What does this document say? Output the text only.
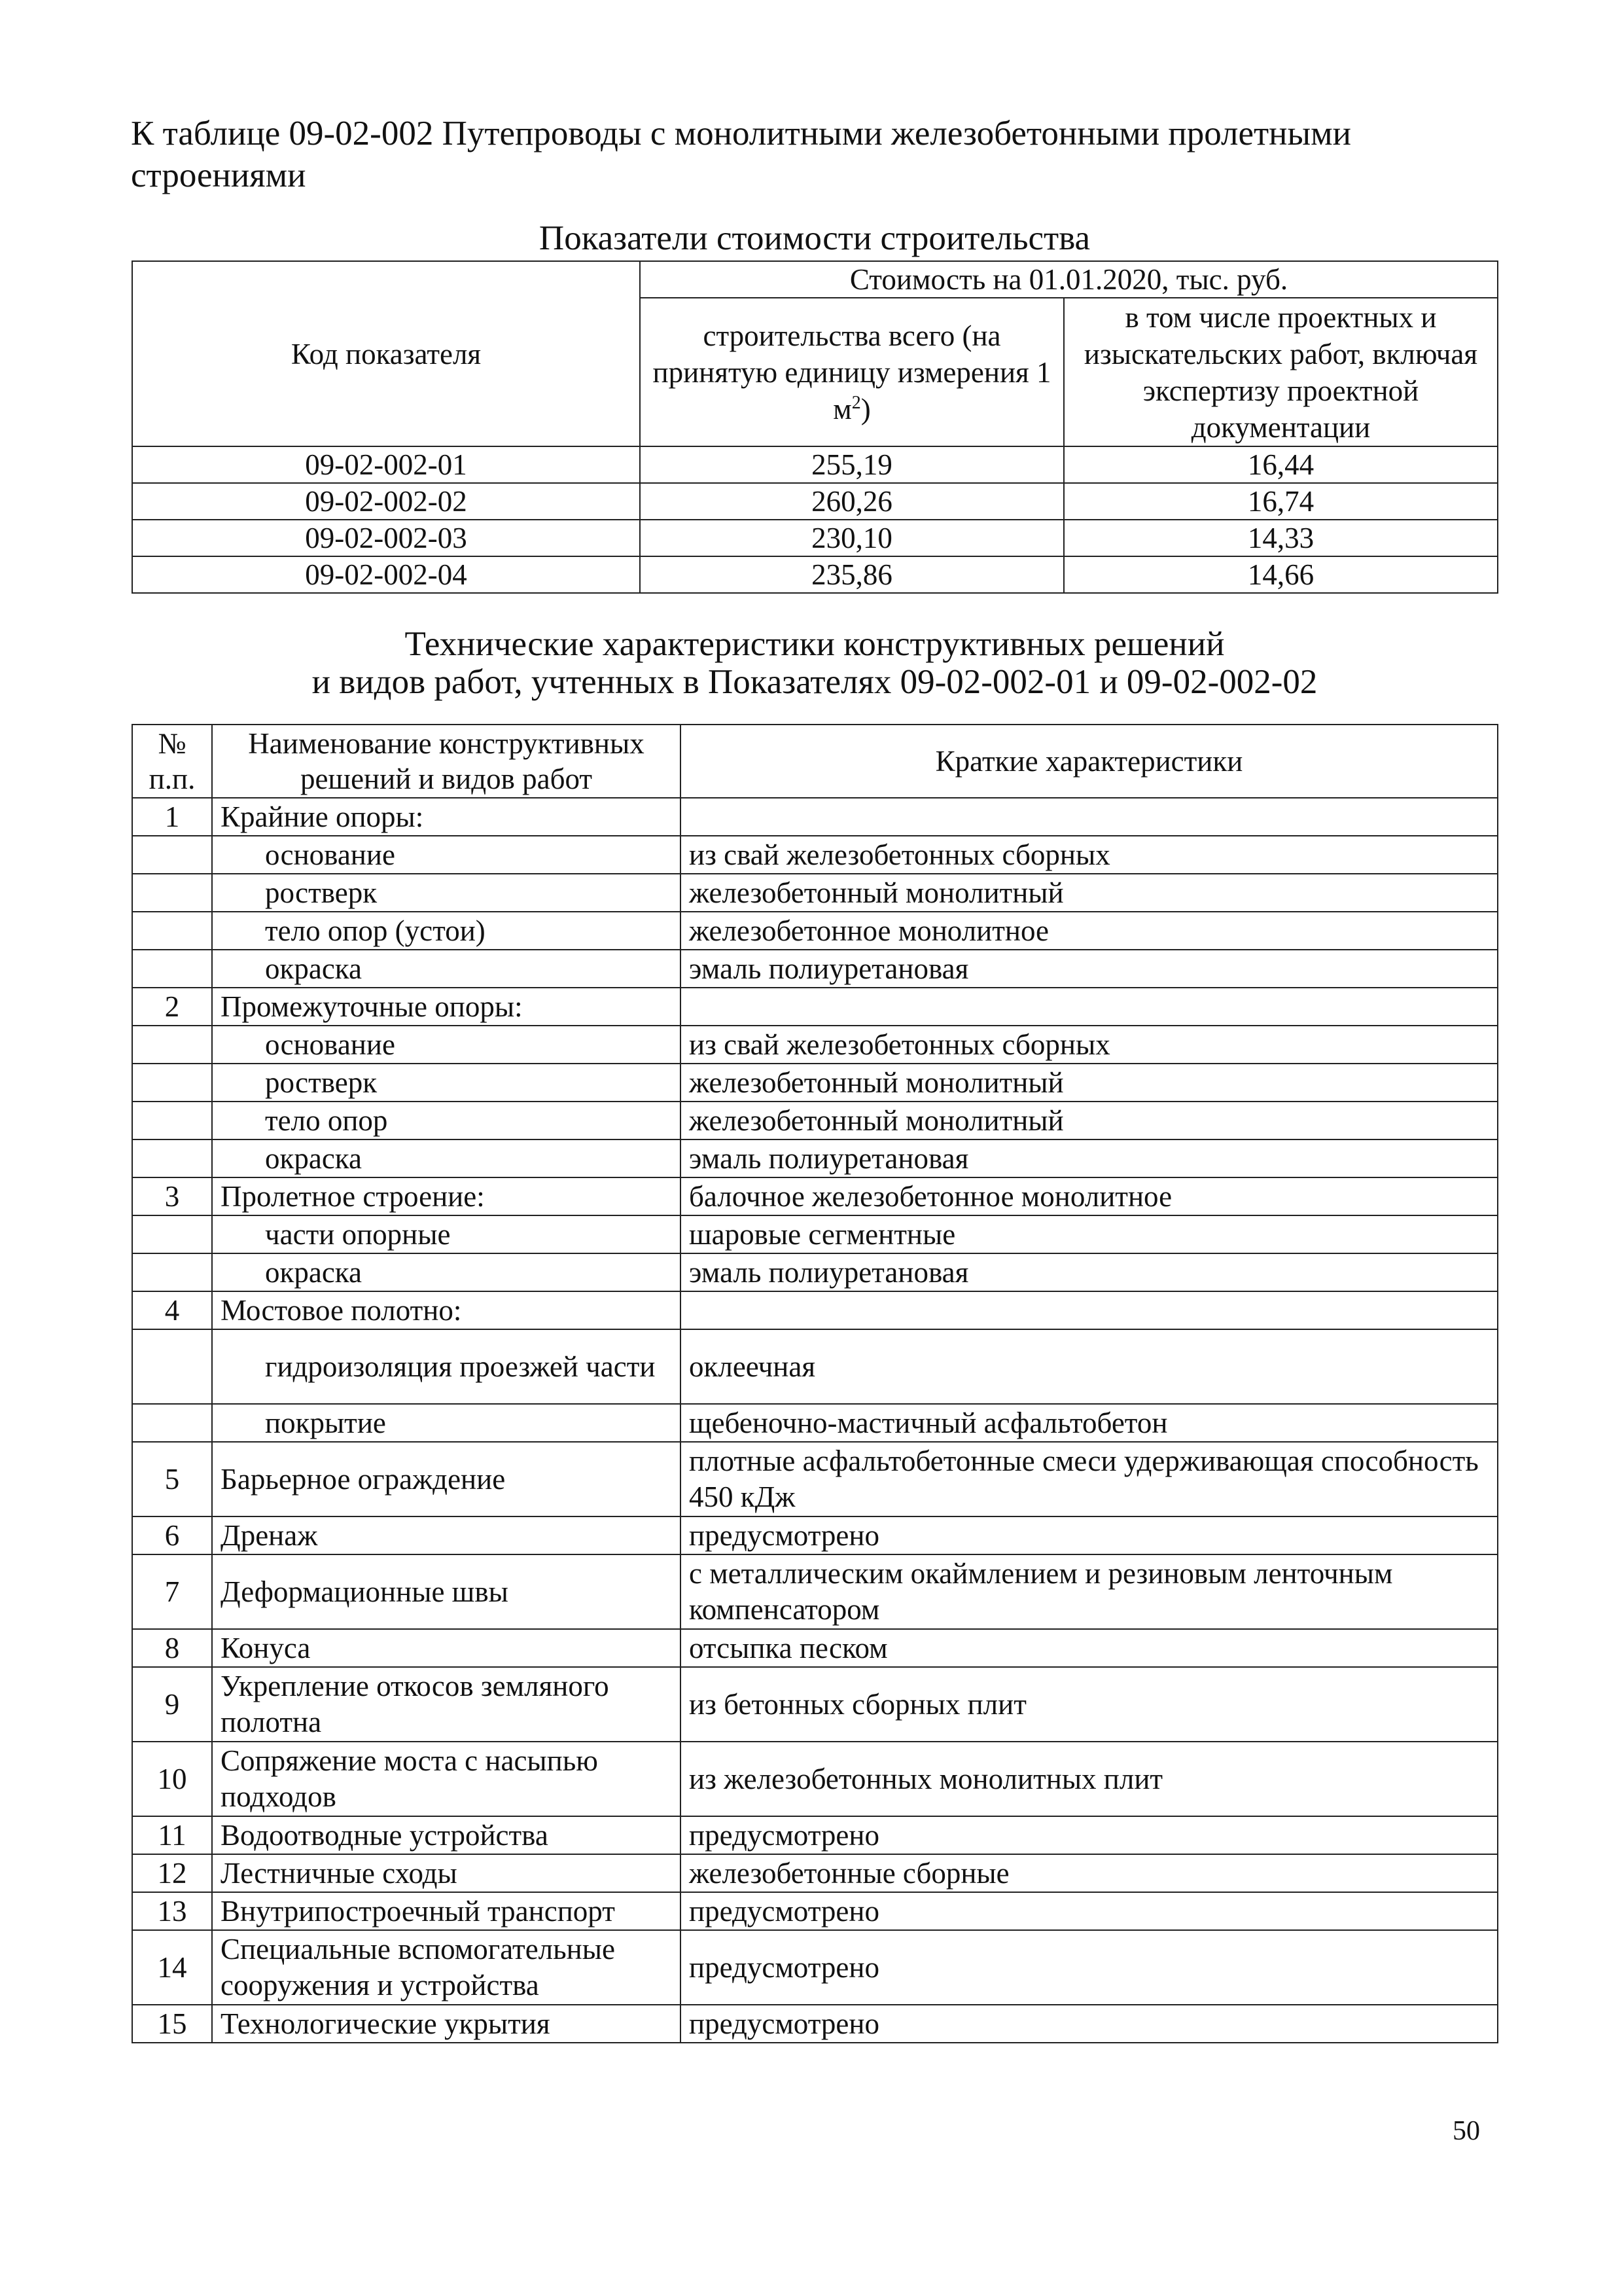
К таблице 09-02-002 Путепроводы с монолитными железобетонными пролетными строениями
Показатели стоимости строительства
Код показателя	Стоимость на 01.01.2020, тыс. руб.	
	строительства всего (на принятую единицу измерения 1 $м^2$)	в том числе проектных и изыскательских работ, включая экспертизу проектной документации
09-02-002-01	255,19	16,44
09-02-002-02	260,26	16,74
09-02-002-03	230,10	14,33
09-02-002-04	235,86	14,66
Технические характеристики конструктивных решений
и видов работ, учтенных в Показателях 09-02-002-01 и 09-02-002-02
№ п.п.	Наименование конструктивных решений и видов работ	Краткие характеристики
1	Крайние опоры:	
	основание	из свай железобетонных сборных
	ростверк	железобетонный монолитный
	тело опор (устои)	железобетонное монолитное
	окраска	эмаль полиуретановая
2	Промежуточные опоры:	
	основание	из свай железобетонных сборных
	ростверк	железобетонный монолитный
	тело опор	железобетонный монолитный
	окраска	эмаль полиуретановая
3	Пролетное строение:	балочное железобетонное монолитное
	части опорные	шаровые сегментные
	окраска	эмаль полиуретановая
4	Мостовое полотно:	
	гидроизоляция проезжей части	оклеечная
	покрытие	щебеночно-мастичный асфальтобетон
5	Барьерное ограждение	плотные асфальтобетонные смеси удерживающая способность 450 кДж
6	Дренаж	предусмотрено
7	Деформационные швы	с металлическим окаймлением и резиновым ленточным компенсатором
8	Конуса	отсыпка песком
9	Укрепление откосов земляного полотна	из бетонных сборных плит
10	Сопряжение моста с насыпью подходов	из железобетонных монолитных плит
11	Водоотводные устройства	предусмотрено
12	Лестничные сходы	железобетонные сборные
13	Внутрипостроечный транспорт	предусмотрено
14	Специальные вспомогательные сооружения и устройства	предусмотрено
15	Технологические укрытия	предусмотрено
50
